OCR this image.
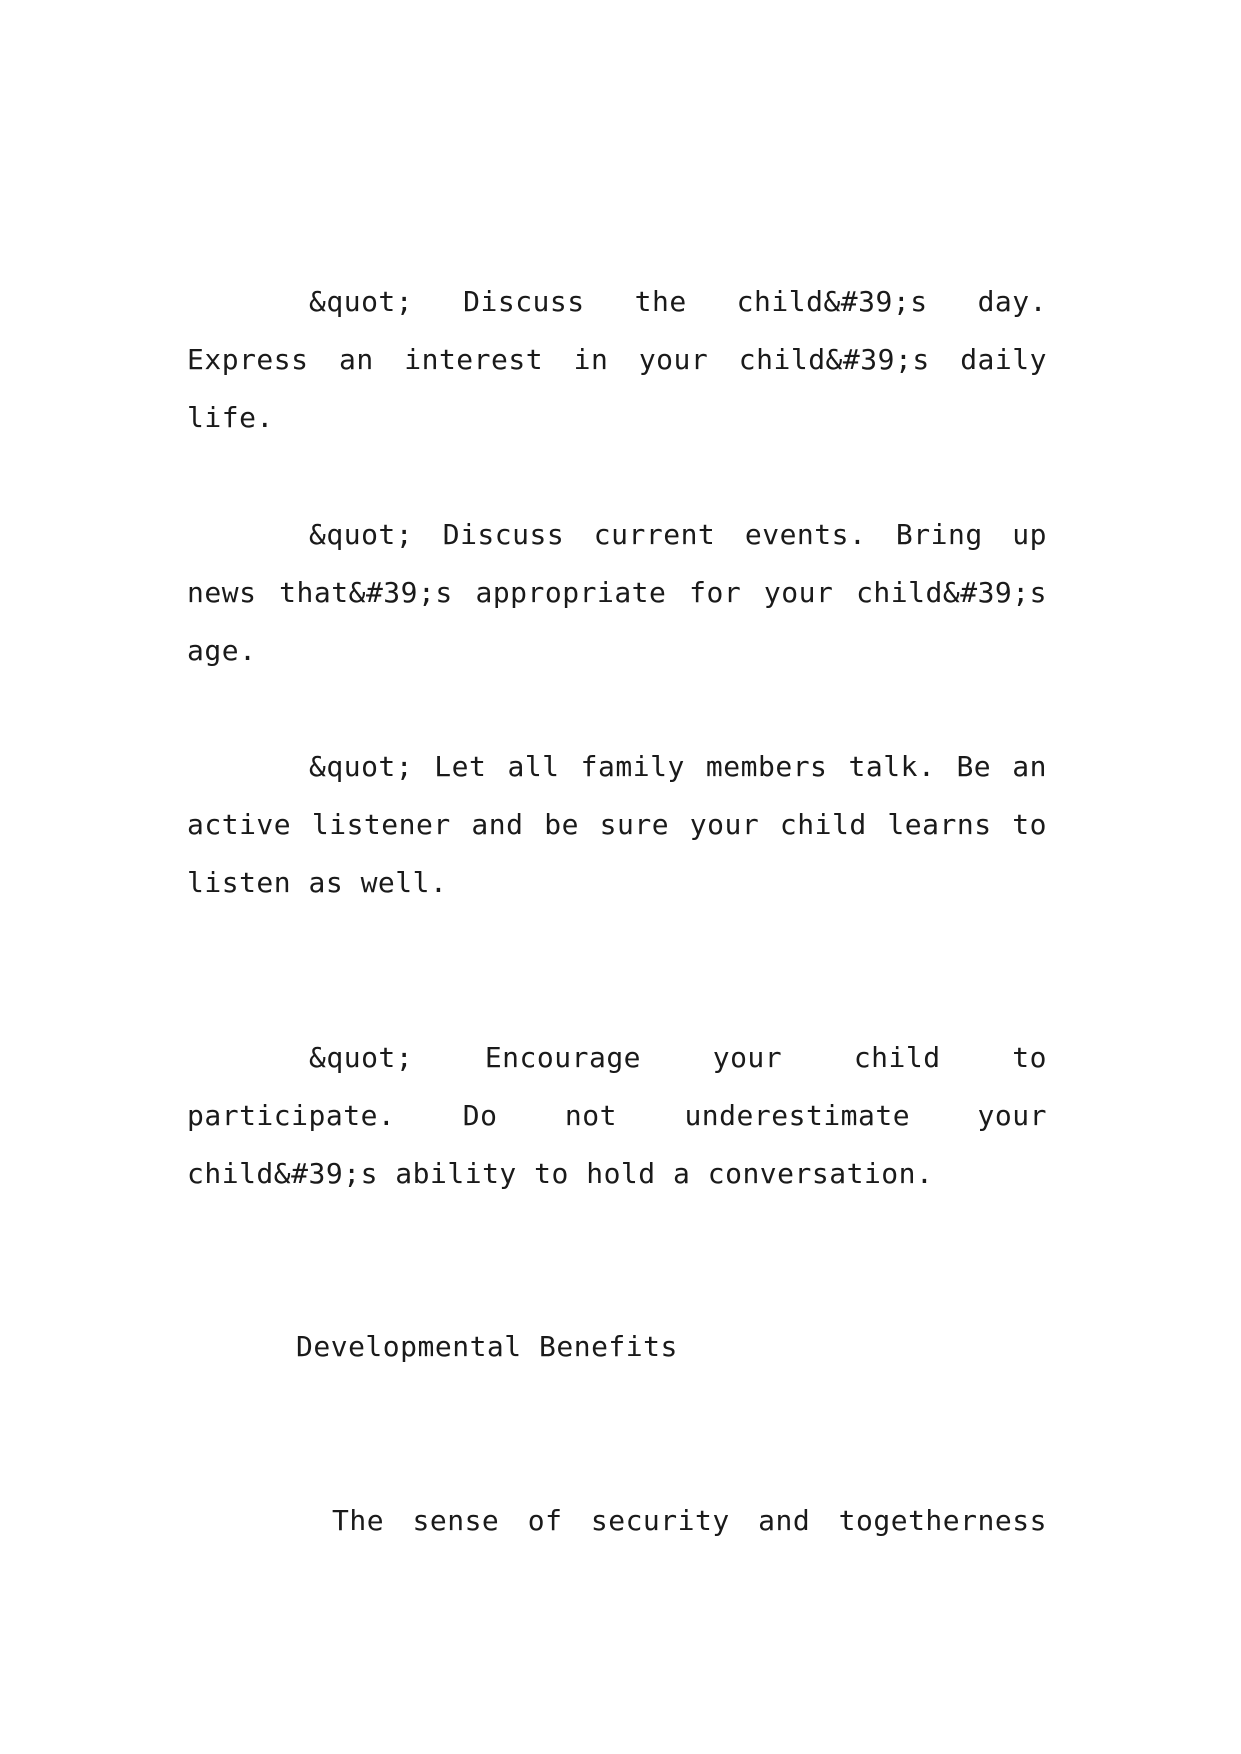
&quot; Discuss the child&#39;s day. Express an interest in your child&#39;s daily life.

&quot; Discuss current events. Bring up news that&#39;s appropriate for your child&#39;s age.

&quot; Let all family members talk. Be an active listener and be sure your child learns to listen as well.

&quot; Encourage your child to participate. Do not underestimate your child&#39;s ability to hold a conversation.

Developmental Benefits
The sense of security and togetherness
